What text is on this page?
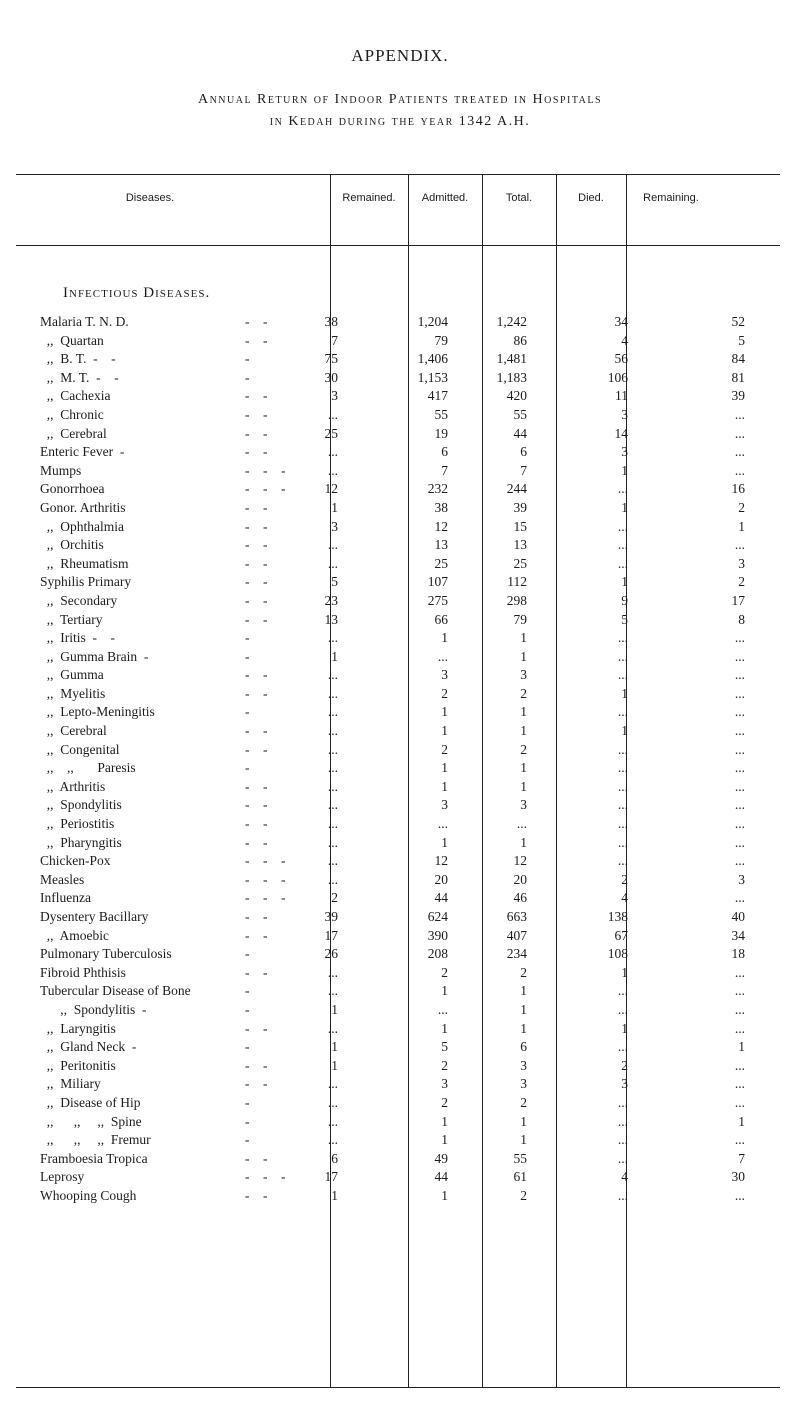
APPENDIX.
Annual Return of Indoor Patients treated in Hospitals
in Kedah during the year 1342 A.H.
Diseases.	Remained.	Admitted.	Total.	Died.	Remaining.
Infectious Diseases.
Malaria T. N. D.	-    -	38	1,204	1,242	34	52
,,  Quartan	-    -	7	79	86	4	5
,,  B. T.  -    -	-	75	1,406	1,481	56	84
,,  M. T.  -    -	-	30	1,153	1,183	106	81
,,  Cachexia	-    -	3	417	420	11	39
,,  Chronic	-    -	...	55	55	3	...
,,  Cerebral	-    -	25	19	44	14	...
Enteric Fever  -	-    -	...	6	6	3	...
Mumps	-    -    -	...	7	7	1	...
Gonorrhoea	-    -    -	12	232	244	...	16
Gonor. Arthritis	-    -	1	38	39	1	2
,,  Ophthalmia	-    -	3	12	15	...	1
,,  Orchitis	-    -	...	13	13	...	...
,,  Rheumatism	-    -	...	25	25	...	3
Syphilis Primary	-    -	5	107	112	1	2
,,  Secondary	-    -	23	275	298	9	17
,,  Tertiary	-    -	13	66	79	5	8
,,  Iritis  -    -	-	...	1	1	...	...
,,  Gumma Brain  -	-	1	...	1	...	...
,,  Gumma	-    -	...	3	3	...	...
,,  Myelitis	-    -	...	2	2	1	...
,,  Lepto-Meningitis	-	...	1	1	...	...
,,  Cerebral	-    -	...	1	1	1	...
,,  Congenital	-    -	...	2	2	...	...
,,    ,,       Paresis	-	...	1	1	...	...
,,  Arthritis	-    -	...	1	1	...	...
,,  Spondylitis	-    -	...	3	3	...	...
,,  Periostitis	-    -	...	...	...	...	...
,,  Pharyngitis	-    -	...	1	1	...	...
Chicken-Pox	-    -    -	...	12	12	...	...
Measles	-    -    -	...	20	20	2	3
Influenza	-    -    -	2	44	46	4	...
Dysentery Bacillary	-    -	39	624	663	138	40
,,  Amoebic	-    -	17	390	407	67	34
Pulmonary Tuberculosis	-	26	208	234	108	18
Fibroid Phthisis	-    -	...	2	2	1	...
Tubercular Disease of Bone	-	...	1	1	...	...
,,  Spondylitis  -	-	1	...	1	...	...
,,  Laryngitis	-    -	...	1	1	1	...
,,  Gland Neck  -	-	1	5	6	...	1
,,  Peritonitis	-    -	1	2	3	2	...
,,  Miliary	-    -	...	3	3	3	...
,,  Disease of Hip	-	...	2	2	...	...
,,      ,,     ,,  Spine	-	...	1	1	...	1
,,      ,,     ,,  Fremur	-	...	1	1	...	...
Framboesia Tropica	-    -	6	49	55	...	7
Leprosy	-    -    -	17	44	61	4	30
Whooping Cough	-    -	1	1	2	...	...
